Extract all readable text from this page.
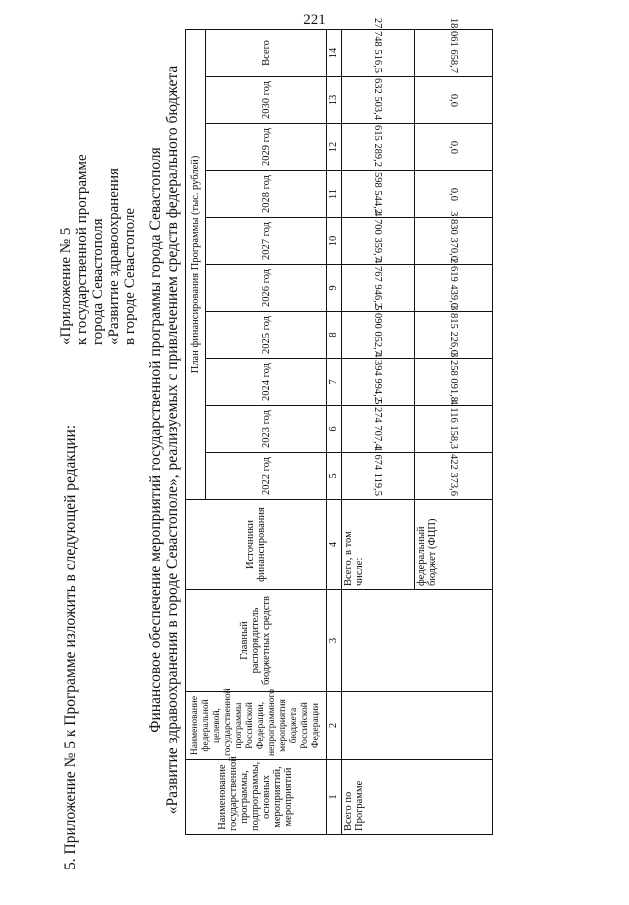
221
5. Приложение № 5 к Программе изложить в следующей редакции:
«Приложение № 5 к государственной программе города Севастополя «Развитие здравоохранения в городе Севастополе Финансовое обеспечение мероприятий государственной программы города Севастополя «Развитие здравоохранения в городе Севастополе», реализуемых с привлечением средств федерального бюджета	Наименование государственной программы, подпрограммы, основных мероприятий, мероприятий	Наименование федеральной целевой, государственной программы Российской Федерации, непрограммного мероприятия бюджета Российской Федерации	Главный распорядитель бюджетных средств	Источники финансирования	План финансирования Программы (тыс. рублей)									
				2022 год	2023 год	2024 год	2025 год	2026 год	2027 год	2028 год	2029 год	2030 год	Всего
1	2	3	4	5	6	7	8	9	10	11	12	13	14
Всего по Программе			Всего, в том числе:	1 674 119,5	5 274 707,4	4 394 994,2	5 090 052,7	4 767 946,2	4 700 359,7	598 544,2	615 289,2	632 503,4	27 748 516,5
			федеральный бюджет (ФЦП)	422 373,6	4 116 158,3	3 258 091,8	3 815 226,0	2 619 439,0	3 830 370,0	0,0	0,0	0,0	18 061 658,7
